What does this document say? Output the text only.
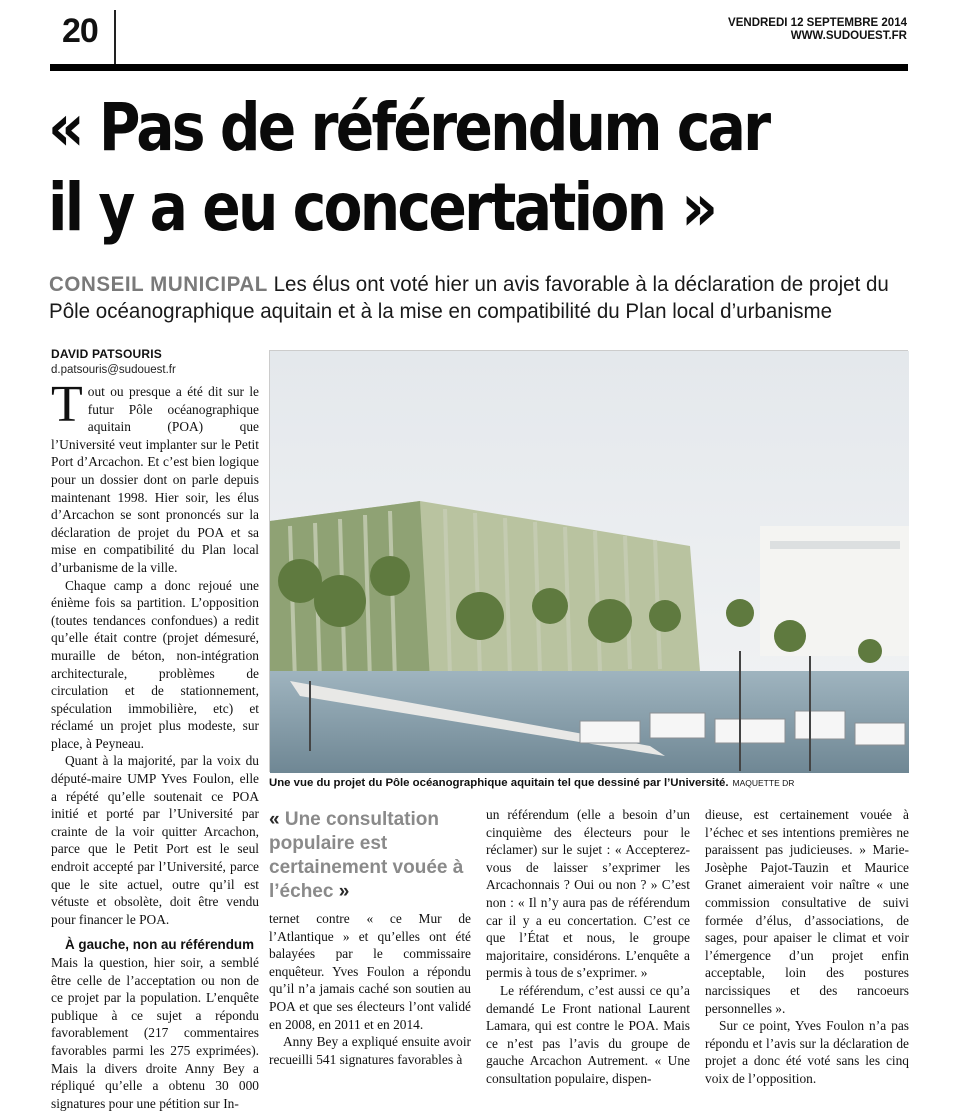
20	VENDREDI 12 SEPTEMBRE 2014
WWW.SUDOUEST.FR
« Pas de référendum car
il y a eu concertation »
CONSEIL MUNICIPAL Les élus ont voté hier un avis favorable à la déclaration de projet du Pôle océanographique aquitain et à la mise en compatibilité du Plan local d’urbanisme
DAVID PATSOURIS
d.patsouris@sudouest.fr

Tout ou presque a été dit sur le futur Pôle océanographique aquitain (POA) que l’Université veut implanter sur le Petit Port d’Arcachon. Et c’est bien logique pour un dossier dont on parle depuis maintenant 1998. Hier soir, les élus d’Arcachon se sont prononcés sur la déclaration de projet du POA et sa mise en compatibilité du Plan local d’urbanisme de la ville.

Chaque camp a donc rejoué une énième fois sa partition. L’opposition (toutes tendances confondues) a redit qu’elle était contre (projet démesuré, muraille de béton, non-intégration architecturale, problèmes de circulation et de stationnement, spéculation immobilière, etc) et réclamé un projet plus modeste, sur place, à Peyneau.

Quant à la majorité, par la voix du député-maire UMP Yves Foulon, elle a répété qu’elle soutenait ce POA initié et porté par l’Université par crainte de la voir quitter Arcachon, parce que le Petit Port est le seul endroit accepté par l’Université, parce que le site actuel, outre qu’il est vétuste et obsolète, doit être vendu pour financer le POA.

À gauche, non au référendum

Mais la question, hier soir, a semblé être celle de l’acceptation ou non de ce projet par la population. L’enquête publique à ce sujet a répondu favorablement (217 commentaires favorables parmi les 275 exprimées). Mais la divers droite Anny Bey a répliqué qu’elle a obtenu 30 000 signatures pour une pétition sur In-

Une vue du projet du Pôle océanographique aquitain tel que dessiné par l’Université. MAQUETTE DR
« Une consultation populaire est certainement vouée à l’échec »

ternet contre « ce Mur de l’Atlantique » et qu’elles ont été balayées par le commissaire enquêteur. Yves Foulon a répondu qu’il n’a jamais caché son soutien au POA et que ses électeurs l’ont validé en 2008, en 2011 et en 2014.

Anny Bey a expliqué ensuite avoir recueilli 541 signatures favorables à

un référendum (elle a besoin d’un cinquième des électeurs pour le réclamer) sur le sujet : « Accepterez-vous de laisser s’exprimer les Arcachonnais ? Oui ou non ? » C’est non : « Il n’y aura pas de référendum car il y a eu concertation. C’est ce que l’État et nous, le groupe majoritaire, considérons. L’enquête a permis à tous de s’exprimer. »

Le référendum, c’est aussi ce qu’a demandé Le Front national Laurent Lamara, qui est contre le POA. Mais ce n’est pas l’avis du groupe de gauche Arcachon Autrement. « Une consultation populaire, dispen-

dieuse, est certainement vouée à l’échec et ses intentions premières ne paraissent pas judicieuses. » Marie-Josèphe Pajot-Tauzin et Maurice Granet aimeraient voir naître « une commission consultative de suivi formée d’élus, d’associations, de sages, pour apaiser le climat et voir l’émergence d’un projet enfin acceptable, loin des postures narcissiques et des rancoeurs personnelles ».

Sur ce point, Yves Foulon n’a pas répondu et l’avis sur la déclaration de projet a donc été voté sans les cinq voix de l’opposition.
